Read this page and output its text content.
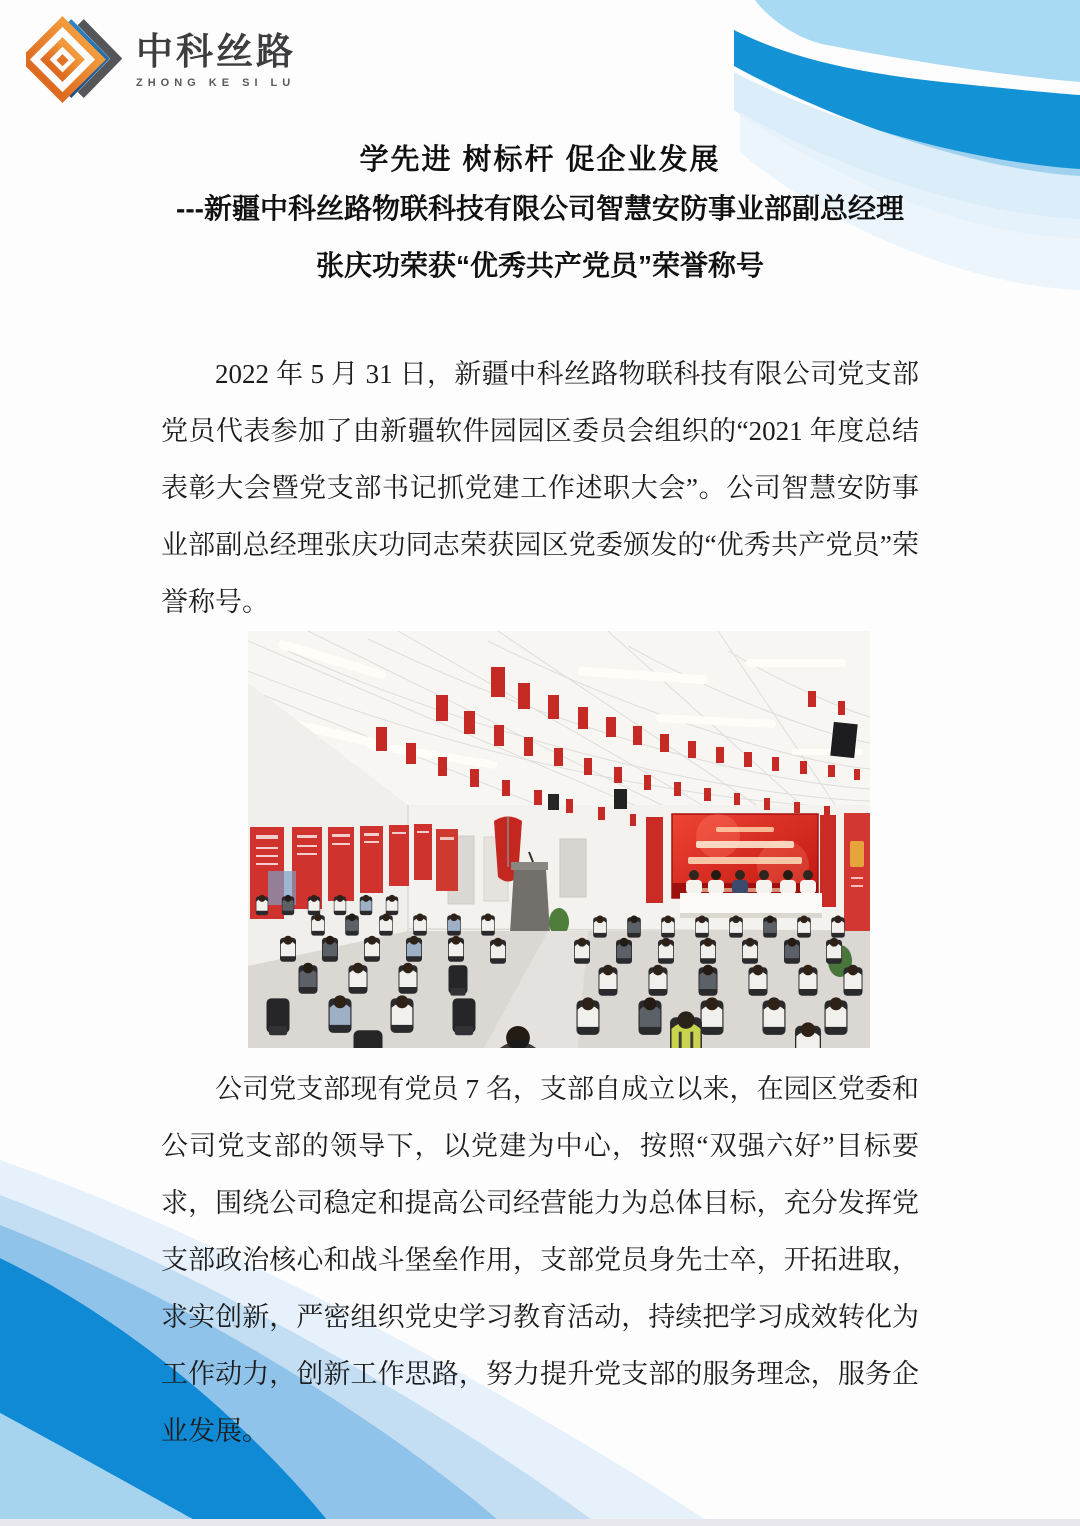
中科丝路
ZHONG KE SI LU
学先进 树标杆 促企业发展
---新疆中科丝路物联科技有限公司智慧安防事业部副总经理
张庆功荣获“优秀共产党员”荣誉称号

2022 年 5 月 31 日，新疆中科丝路物联科技有限公司党支部党员代表参加了由新疆软件园园区委员会组织的“2021 年度总结表彰大会暨党支部书记抓党建工作述职大会”。公司智慧安防事业部副总经理张庆功同志荣获园区党委颁发的“优秀共产党员”荣誉称号。

公司党支部现有党员 7 名，支部自成立以来，在园区党委和公司党支部的领导下，以党建为中心，按照“双强六好”目标要求，围绕公司稳定和提高公司经营能力为总体目标，充分发挥党支部政治核心和战斗堡垒作用，支部党员身先士卒，开拓进取，求实创新，严密组织党史学习教育活动，持续把学习成效转化为工作动力，创新工作思路，努力提升党支部的服务理念，服务企业发展。
